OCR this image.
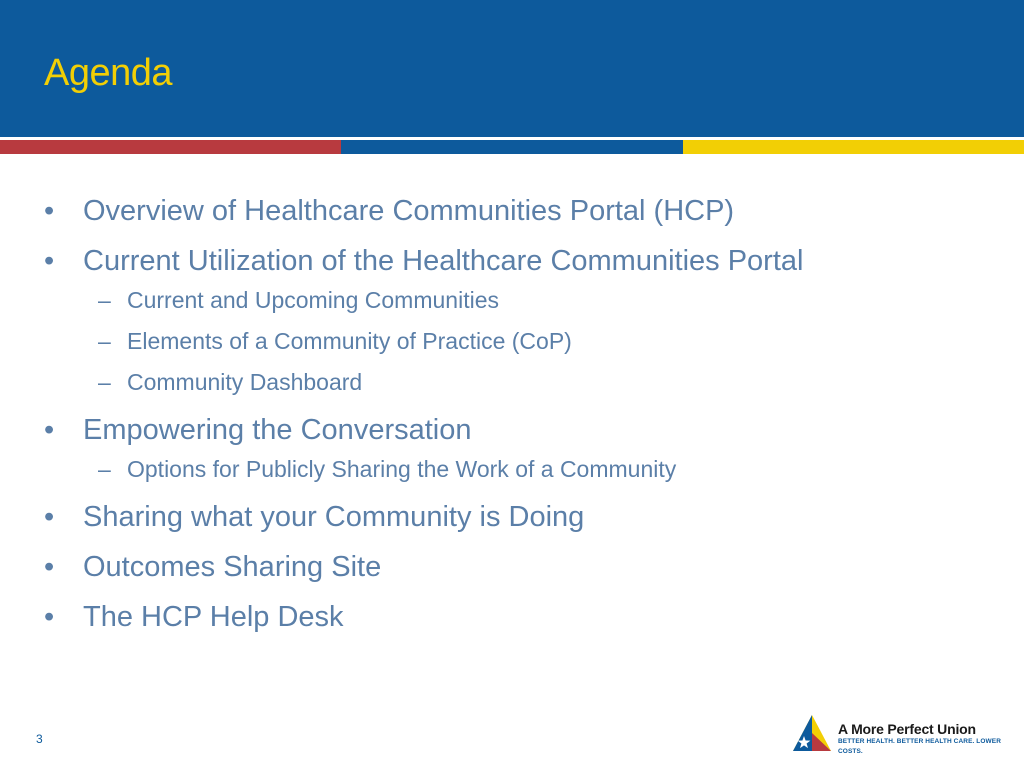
Agenda
• Overview of Healthcare Communities Portal (HCP)
• Current Utilization of the Healthcare Communities Portal
– Current and Upcoming Communities
– Elements of a Community of Practice (CoP)
– Community Dashboard
• Empowering the Conversation
– Options for Publicly Sharing the Work of a Community
• Sharing what your Community is Doing
• Outcomes Sharing Site
• The HCP Help Desk
3
A More Perfect Union
BETTER HEALTH. BETTER HEALTH CARE. LOWER COSTS.
